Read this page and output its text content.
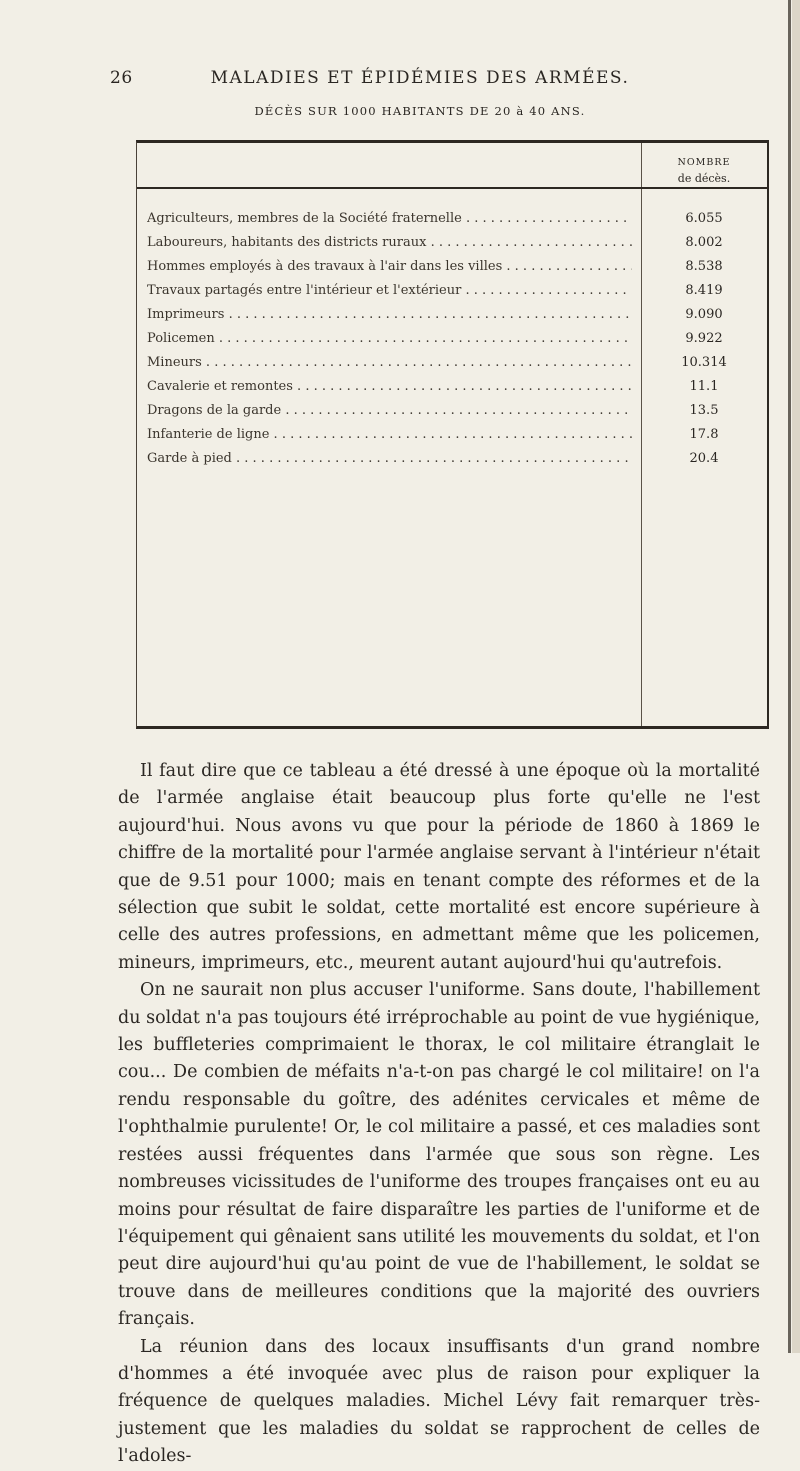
26	MALADIES ET ÉPIDÉMIES DES ARMÉES.
DÉCÈS SUR 1000 HABITANTS DE 20 à 40 ANS.
NOMBRE
de décès.
Agriculteurs, membres de la Société fraternelle . . .	6.055
Laboureurs, habitants des districts ruraux . . .	8.002
Hommes employés à des travaux à l'air dans les villes . . .	8.538
Travaux partagés entre l'intérieur et l'extérieur . . .	8.419
Imprimeurs . . .	9.090
Policemen . . .	9.922
Mineurs . . .	10.314
Cavalerie et remontes . . .	11.1
Dragons de la garde . . .	13.5
Infanterie de ligne . . .	17.8
Garde à pied . . .	20.4

Il faut dire que ce tableau a été dressé à une époque où la mortalité de l'armée anglaise était beaucoup plus forte qu'elle ne l'est aujourd'hui. Nous avons vu que pour la période de 1860 à 1869 le chiffre de la mortalité pour l'armée anglaise servant à l'intérieur n'était que de 9.51 pour 1000; mais en tenant compte des réformes et de la sélection que subit le soldat, cette mortalité est encore supérieure à celle des autres professions, en admettant même que les policemen, mineurs, imprimeurs, etc., meurent autant aujourd'hui qu'autrefois.

On ne saurait non plus accuser l'uniforme. Sans doute, l'habillement du soldat n'a pas toujours été irréprochable au point de vue hygiénique, les buffleteries comprimaient le thorax, le col militaire étranglait le cou... De combien de méfaits n'a-t-on pas chargé le col militaire! on l'a rendu responsable du goître, des adénites cervicales et même de l'ophthalmie purulente! Or, le col militaire a passé, et ces maladies sont restées aussi fréquentes dans l'armée que sous son règne. Les nombreuses vicissitudes de l'uniforme des troupes françaises ont eu au moins pour résultat de faire disparaître les parties de l'uniforme et de l'équipement qui gênaient sans utilité les mouvements du soldat, et l'on peut dire aujourd'hui qu'au point de vue de l'habillement, le soldat se trouve dans de meilleures conditions que la majorité des ouvriers français.

La réunion dans des locaux insuffisants d'un grand nombre d'hommes a été invoquée avec plus de raison pour expliquer la fréquence de quelques maladies. Michel Lévy fait remarquer très-justement que les maladies du soldat se rapprochent de celles de l'adoles-
